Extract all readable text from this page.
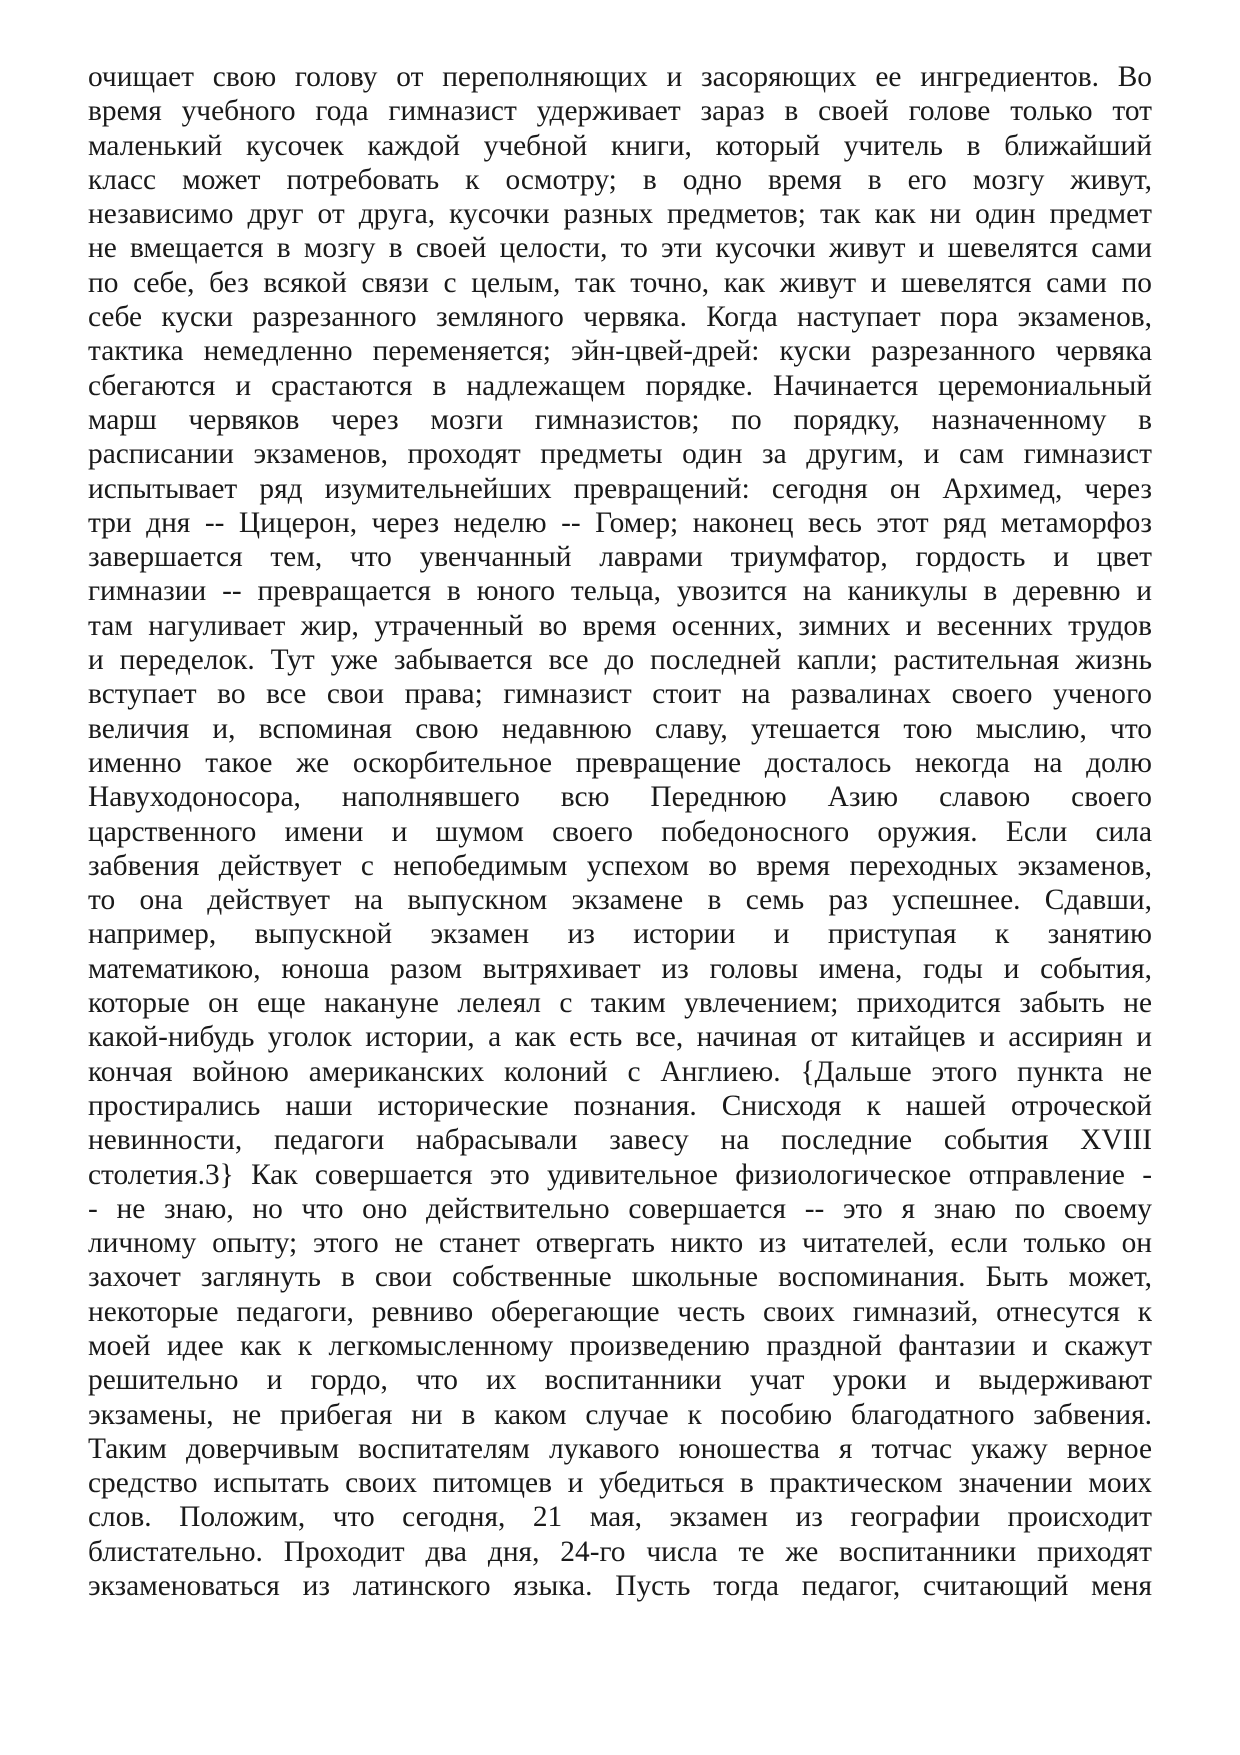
очищает свою голову от переполняющих и засоряющих ее ингредиентов. Во
время учебного года гимназист удерживает зараз в своей голове только тот
маленький кусочек каждой учебной книги, который учитель в ближайший
класс может потребовать к осмотру; в одно время в его мозгу живут,
независимо друг от друга, кусочки разных предметов; так как ни один предмет
не вмещается в мозгу в своей целости, то эти кусочки живут и шевелятся сами
по себе, без всякой связи с целым, так точно, как живут и шевелятся сами по
себе куски разрезанного земляного червяка. Когда наступает пора экзаменов,
тактика немедленно переменяется; эйн-цвей-дрей: куски разрезанного червяка
сбегаются и срастаются в надлежащем порядке. Начинается церемониальный
марш червяков через мозги гимназистов; по порядку, назначенному в
расписании экзаменов, проходят предметы один за другим, и сам гимназист
испытывает ряд изумительнейших превращений: сегодня он Архимед, через
три дня -- Цицерон, через неделю -- Гомер; наконец весь этот ряд метаморфоз
завершается тем, что увенчанный лаврами триумфатор, гордость и цвет
гимназии -- превращается в юного тельца, увозится на каникулы в деревню и
там нагуливает жир, утраченный во время осенних, зимних и весенних трудов
и переделок. Тут уже забывается все до последней капли; растительная жизнь
вступает во все свои права; гимназист стоит на развалинах своего ученого
величия и, вспоминая свою недавнюю славу, утешается тою мыслию, что
именно такое же оскорбительное превращение досталось некогда на долю
Навуходоносора, наполнявшего всю Переднюю Азию славою своего
царственного имени и шумом своего победоносного оружия. Если сила
забвения действует с непобедимым успехом во время переходных экзаменов,
то она действует на выпускном экзамене в семь раз успешнее. Сдавши,
например, выпускной экзамен из истории и приступая к занятию
математикою, юноша разом вытряхивает из головы имена, годы и события,
которые он еще накануне лелеял с таким увлечением; приходится забыть не
какой-нибудь уголок истории, а как есть все, начиная от китайцев и ассириян и
кончая войною американских колоний с Англиею. {Дальше этого пункта не
простирались наши исторические познания. Снисходя к нашей отроческой
невинности, педагоги набрасывали завесу на последние события XVIII
столетия.3} Как совершается это удивительное физиологическое отправление -
- не знаю, но что оно действительно совершается -- это я знаю по своему
личному опыту; этого не станет отвергать никто из читателей, если только он
захочет заглянуть в свои собственные школьные воспоминания. Быть может,
некоторые педагоги, ревниво оберегающие честь своих гимназий, отнесутся к
моей идее как к легкомысленному произведению праздной фантазии и скажут
решительно и гордо, что их воспитанники учат уроки и выдерживают
экзамены, не прибегая ни в каком случае к пособию благодатного забвения.
Таким доверчивым воспитателям лукавого юношества я тотчас укажу верное
средство испытать своих питомцев и убедиться в практическом значении моих
слов. Положим, что сегодня, 21 мая, экзамен из географии происходит
блистательно. Проходит два дня, 24-го числа те же воспитанники приходят
экзаменоваться из латинского языка. Пусть тогда педагог, считающий меня
